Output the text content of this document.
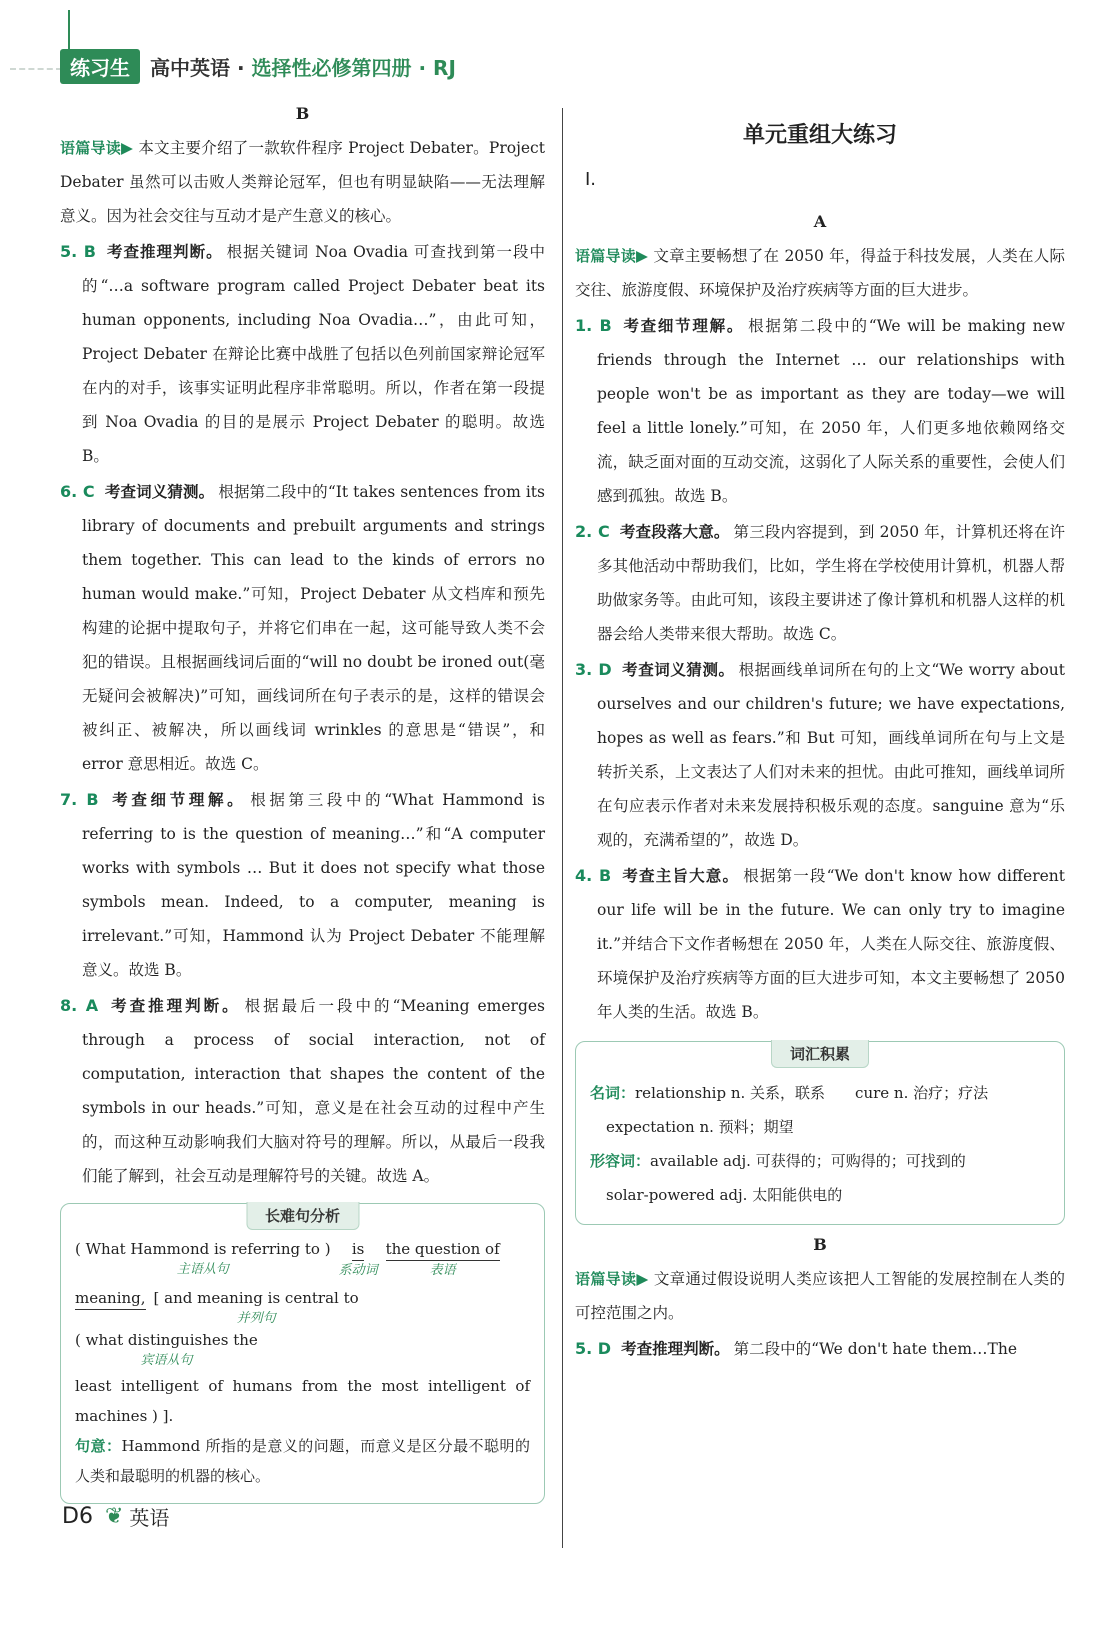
练习生	高中英语 · 选择性必修第四册 · RJ
B

语篇导读▶ 本文主要介绍了一款软件程序 Project Debater。Project Debater 虽然可以击败人类辩论冠军，但也有明显缺陷——无法理解意义。因为社会交往与互动才是产生意义的核心。

5. B 考查推理判断。 根据关键词 Noa Ovadia 可查找到第一段中的“…a software program called Project Debater beat its human opponents, including Noa Ovadia…”，由此可知，Project Debater 在辩论比赛中战胜了包括以色列前国家辩论冠军在内的对手，该事实证明此程序非常聪明。所以，作者在第一段提到 Noa Ovadia 的目的是展示 Project Debater 的聪明。故选 B。

6. C 考查词义猜测。 根据第二段中的“It takes sentences from its library of documents and prebuilt arguments and strings them together. This can lead to the kinds of errors no human would make.”可知，Project Debater 从文档库和预先构建的论据中提取句子，并将它们串在一起，这可能导致人类不会犯的错误。且根据画线词后面的“will no doubt be ironed out(毫无疑问会被解决)”可知，画线词所在句子表示的是，这样的错误会被纠正、被解决，所以画线词 wrinkles 的意思是“错误”，和 error 意思相近。故选 C。

7. B 考查细节理解。 根据第三段中的“What Hammond is referring to is the question of meaning…”和“A computer works with symbols … But it does not specify what those symbols mean. Indeed, to a computer, meaning is irrelevant.”可知，Hammond 认为 Project Debater 不能理解意义。故选 B。

8. A 考查推理判断。 根据最后一段中的“Meaning emerges through a process of social interaction, not of computation, interaction that shapes the content of the symbols in our heads.”可知，意义是在社会互动的过程中产生的，而这种互动影响我们大脑对符号的理解。所以，从最后一段我们能了解到，社会互动是理解符号的关键。故选 A。

长难句分析
( What Hammond is referring to )
主语从句
is
系动词
the question of
表语
meaning, [ and meaning is central to
并列句
( what distinguishes the
宾语从句

least intelligent of humans from the most intelligent of machines ) ].

句意：Hammond 所指的是意义的问题，而意义是区分最不聪明的人类和最聪明的机器的核心。

单元重组大练习
Ⅰ.
A

语篇导读▶ 文章主要畅想了在 2050 年，得益于科技发展，人类在人际交往、旅游度假、环境保护及治疗疾病等方面的巨大进步。

1. B 考查细节理解。 根据第二段中的“We will be making new friends through the Internet … our relationships with people won't be as important as they are today—we will feel a little lonely.”可知，在 2050 年，人们更多地依赖网络交流，缺乏面对面的互动交流，这弱化了人际关系的重要性，会使人们感到孤独。故选 B。

2. C 考查段落大意。 第三段内容提到，到 2050 年，计算机还将在许多其他活动中帮助我们，比如，学生将在学校使用计算机，机器人帮助做家务等。由此可知，该段主要讲述了像计算机和机器人这样的机器会给人类带来很大帮助。故选 C。

3. D 考查词义猜测。 根据画线单词所在句的上文“We worry about ourselves and our children's future; we have expectations, hopes as well as fears.”和 But 可知，画线单词所在句与上文是转折关系，上文表达了人们对未来的担忧。由此可推知，画线单词所在句应表示作者对未来发展持积极乐观的态度。sanguine 意为“乐观的，充满希望的”，故选 D。

4. B 考查主旨大意。 根据第一段“We don't know how different our life will be in the future. We can only try to imagine it.”并结合下文作者畅想在 2050 年，人类在人际交往、旅游度假、环境保护及治疗疾病等方面的巨大进步可知，本文主要畅想了 2050 年人类的生活。故选 B。

词汇积累
名词：relationship n. 关系，联系　　cure n. 治疗；疗法
expectation n. 预料；期望
形容词：available adj. 可获得的；可购得的；可找到的
solar-powered adj. 太阳能供电的
B

语篇导读▶ 文章通过假设说明人类应该把人工智能的发展控制在人类的可控范围之内。

5. D 考查推理判断。 第二段中的“We don't hate them…The

D6 ❦ 英语
